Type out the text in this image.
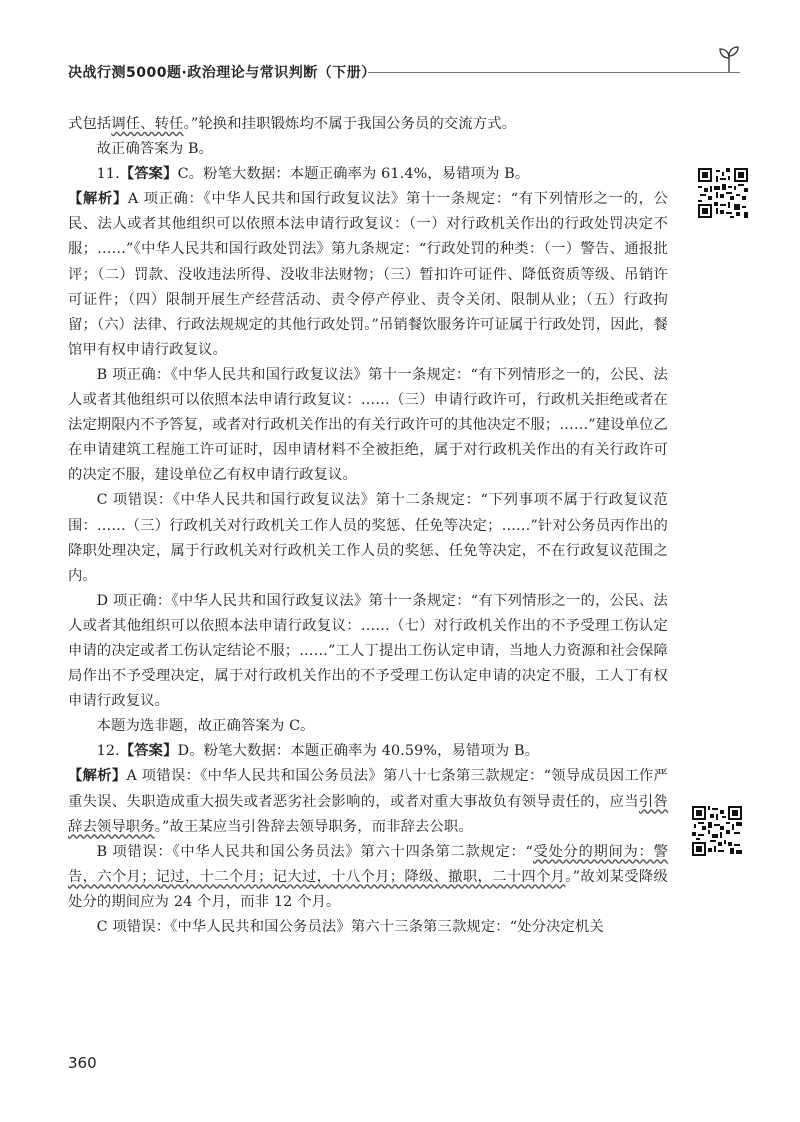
决战行测5000题·政治理论与常识判断（下册）

式包括调任、转任。”轮换和挂职锻炼均不属于我国公务员的交流方式。

故正确答案为 B。

11.【答案】C。粉笔大数据：本题正确率为 61.4%，易错项为 B。

【解析】A 项正确：《中华人民共和国行政复议法》第十一条规定：“有下列情形之一的，公民、法人或者其他组织可以依照本法申请行政复议：（一）对行政机关作出的行政处罚决定不服；……”《中华人民共和国行政处罚法》第九条规定：“行政处罚的种类：（一）警告、通报批评；（二）罚款、没收违法所得、没收非法财物；（三）暂扣许可证件、降低资质等级、吊销许可证件；（四）限制开展生产经营活动、责令停产停业、责令关闭、限制从业；（五）行政拘留；（六）法律、行政法规规定的其他行政处罚。”吊销餐饮服务许可证属于行政处罚，因此，餐馆甲有权申请行政复议。

B 项正确：《中华人民共和国行政复议法》第十一条规定：“有下列情形之一的，公民、法人或者其他组织可以依照本法申请行政复议：……（三）申请行政许可，行政机关拒绝或者在法定期限内不予答复，或者对行政机关作出的有关行政许可的其他决定不服；……”建设单位乙在申请建筑工程施工许可证时，因申请材料不全被拒绝，属于对行政机关作出的有关行政许可的决定不服，建设单位乙有权申请行政复议。

C 项错误：《中华人民共和国行政复议法》第十二条规定：“下列事项不属于行政复议范围：……（三）行政机关对行政机关工作人员的奖惩、任免等决定；……”针对公务员丙作出的降职处理决定，属于行政机关对行政机关工作人员的奖惩、任免等决定，不在行政复议范围之内。

D 项正确：《中华人民共和国行政复议法》第十一条规定：“有下列情形之一的，公民、法人或者其他组织可以依照本法申请行政复议：……（七）对行政机关作出的不予受理工伤认定申请的决定或者工伤认定结论不服；……”工人丁提出工伤认定申请，当地人力资源和社会保障局作出不予受理决定，属于对行政机关作出的不予受理工伤认定申请的决定不服，工人丁有权申请行政复议。

本题为选非题，故正确答案为 C。

12.【答案】D。粉笔大数据：本题正确率为 40.59%，易错项为 B。

【解析】A 项错误：《中华人民共和国公务员法》第八十七条第三款规定：“领导成员因工作严重失误、失职造成重大损失或者恶劣社会影响的，或者对重大事故负有领导责任的，应当引咎辞去领导职务。”故王某应当引咎辞去领导职务，而非辞去公职。

B 项错误：《中华人民共和国公务员法》第六十四条第二款规定：“受处分的期间为：警告，六个月；记过，十二个月；记大过，十八个月；降级、撤职，二十四个月。”故刘某受降级处分的期间应为 24 个月，而非 12 个月。

C 项错误：《中华人民共和国公务员法》第六十三条第三款规定：“处分决定机关

360
